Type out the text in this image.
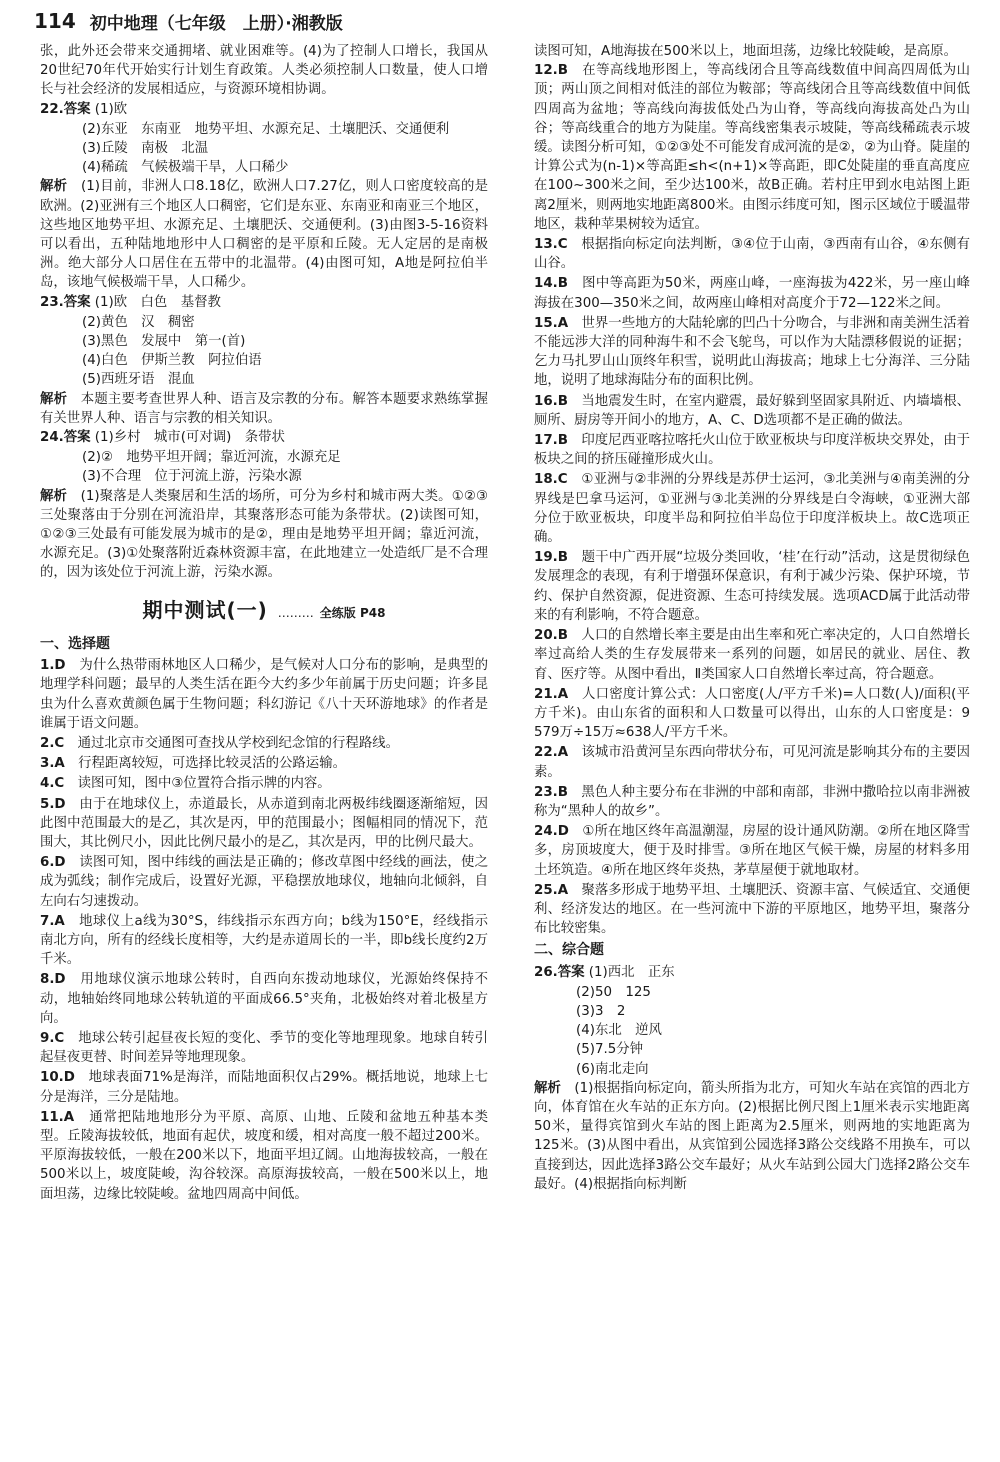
114 初中地理（七年级　上册）·湘教版

张，此外还会带来交通拥堵、就业困难等。(4)为了控制人口增长，我国从20世纪70年代开始实行计划生育政策。人类必须控制人口数量，使人口增长与社会经济的发展相适应，与资源环境相协调。

22.答案 (1)欧

(2)东亚　东南亚　地势平坦、水源充足、土壤肥沃、交通便利

(3)丘陵　南极　北温

(4)稀疏　气候极端干旱，人口稀少

解析　 (1)目前，非洲人口8.18亿，欧洲人口7.27亿，则人口密度较高的是欧洲。(2)亚洲有三个地区人口稠密，它们是东亚、东南亚和南亚三个地区，这些地区地势平坦、水源充足、土壤肥沃、交通便利。(3)由图3-5-16资料可以看出，五种陆地地形中人口稠密的是平原和丘陵。无人定居的是南极洲。绝大部分人口居住在五带中的北温带。(4)由图可知，A地是阿拉伯半岛，该地气候极端干旱，人口稀少。

23.答案 (1)欧　白色　基督教

(2)黄色　汉　稠密

(3)黑色　发展中　第一(首)

(4)白色　伊斯兰教　阿拉伯语

(5)西班牙语　混血

解析　 本题主要考查世界人种、语言及宗教的分布。解答本题要求熟练掌握有关世界人种、语言与宗教的相关知识。

24.答案 (1)乡村　城市(可对调)　条带状

(2)②　地势平坦开阔；靠近河流，水源充足

(3)不合理　位于河流上游，污染水源

解析　 (1)聚落是人类聚居和生活的场所，可分为乡村和城市两大类。①②③三处聚落由于分别在河流沿岸，其聚落形态可能为条带状。(2)读图可知，①②③三处最有可能发展为城市的是②，理由是地势平坦开阔；靠近河流，水源充足。(3)①处聚落附近森林资源丰富，在此地建立一处造纸厂是不合理的，因为该处位于河流上游，污染水源。

期中测试(一) ……… 全练版 P48
一、选择题
1.D　 为什么热带雨林地区人口稀少，是气候对人口分布的影响，是典型的地理学科问题；最早的人类生活在距今大约多少年前属于历史问题；许多昆虫为什么喜欢黄颜色属于生物问题；科幻游记《八十天环游地球》的作者是谁属于语文问题。
2.C　 通过北京市交通图可查找从学校到纪念馆的行程路线。
3.A　 行程距离较短，可选择比较灵活的公路运输。
4.C　 读图可知，图中③位置符合指示牌的内容。
5.D　 由于在地球仪上，赤道最长，从赤道到南北两极纬线圈逐渐缩短，因此图中范围最大的是乙，其次是丙，甲的范围最小；图幅相同的情况下，范围大，其比例尺小，因此比例尺最小的是乙，其次是丙，甲的比例尺最大。
6.D　 读图可知，图中纬线的画法是正确的；修改草图中经线的画法，使之成为弧线；制作完成后，设置好光源，平稳摆放地球仪，地轴向北倾斜，自左向右匀速拨动。
7.A　 地球仪上a线为30°S，纬线指示东西方向；b线为150°E，经线指示南北方向，所有的经线长度相等，大约是赤道周长的一半，即b线长度约2万千米。
8.D　 用地球仪演示地球公转时，自西向东拨动地球仪，光源始终保持不动，地轴始终同地球公转轨道的平面成66.5°夹角，北极始终对着北极星方向。
9.C　 地球公转引起昼夜长短的变化、季节的变化等地理现象。地球自转引起昼夜更替、时间差异等地理现象。
10.D　 地球表面71%是海洋，而陆地面积仅占29%。概括地说，地球上七分是海洋，三分是陆地。
11.A　 通常把陆地地形分为平原、高原、山地、丘陵和盆地五种基本类型。丘陵海拔较低，地面有起伏，坡度和缓，相对高度一般不超过200米。平原海拔较低，一般在200米以下，地面平坦辽阔。山地海拔较高，一般在500米以上，坡度陡峻，沟谷较深。高原海拔较高，一般在500米以上，地面坦荡，边缘比较陡峻。盆地四周高中间低。

读图可知，A地海拔在500米以上，地面坦荡，边缘比较陡峻，是高原。

12.B　 在等高线地形图上，等高线闭合且等高线数值中间高四周低为山顶；两山顶之间相对低洼的部位为鞍部；等高线闭合且等高线数值中间低四周高为盆地；等高线向海拔低处凸为山脊，等高线向海拔高处凸为山谷；等高线重合的地方为陡崖。等高线密集表示坡陡，等高线稀疏表示坡缓。读图分析可知，①②③处不可能发育成河流的是②，②为山脊。陡崖的计算公式为(n-1)×等高距≤h<(n+1)×等高距，即C处陡崖的垂直高度应在100~300米之间，至少达100米，故B正确。若村庄甲到水电站图上距离2厘米，则两地实地距离800米。由图示纬度可知，图示区域位于暖温带地区，栽种苹果树较为适宜。
13.C　 根据指向标定向法判断，③④位于山南，③西南有山谷，④东侧有山谷。
14.B　 图中等高距为50米，两座山峰，一座海拔为422米，另一座山峰海拔在300—350米之间，故两座山峰相对高度介于72—122米之间。
15.A　 世界一些地方的大陆轮廓的凹凸十分吻合，与非洲和南美洲生活着不能远涉大洋的同种海牛和不会飞鸵鸟，可以作为大陆漂移假说的证据；乞力马扎罗山山顶终年积雪，说明此山海拔高；地球上七分海洋、三分陆地，说明了地球海陆分布的面积比例。
16.B　 当地震发生时，在室内避震，最好躲到坚固家具附近、内墙墙根、厕所、厨房等开间小的地方，A、C、D选项都不是正确的做法。
17.B　 印度尼西亚喀拉喀托火山位于欧亚板块与印度洋板块交界处，由于板块之间的挤压碰撞形成火山。
18.C　 ①亚洲与②非洲的分界线是苏伊士运河，③北美洲与④南美洲的分界线是巴拿马运河，①亚洲与③北美洲的分界线是白令海峡，①亚洲大部分位于欧亚板块，印度半岛和阿拉伯半岛位于印度洋板块上。故C选项正确。
19.B　 题干中广西开展“垃圾分类回收，‘桂’在行动”活动，这是贯彻绿色发展理念的表现，有利于增强环保意识，有利于减少污染、保护环境，节约、保护自然资源，促进资源、生态可持续发展。选项ACD属于此活动带来的有利影响，不符合题意。
20.B　 人口的自然增长率主要是由出生率和死亡率决定的，人口自然增长率过高给人类的生存发展带来一系列的问题，如居民的就业、居住、教育、医疗等。从图中看出，Ⅱ类国家人口自然增长率过高，符合题意。
21.A　 人口密度计算公式：人口密度(人/平方千米)=人口数(人)/面积(平方千米)。由山东省的面积和人口数量可以得出，山东的人口密度是：9 579万÷15万≈638人/平方千米。
22.A　 该城市沿黄河呈东西向带状分布，可见河流是影响其分布的主要因素。
23.B　 黑色人种主要分布在非洲的中部和南部，非洲中撒哈拉以南非洲被称为“黑种人的故乡”。
24.D　 ①所在地区终年高温潮湿，房屋的设计通风防潮。②所在地区降雪多，房顶坡度大，便于及时排雪。③所在地区气候干燥，房屋的材料多用土坯筑造。④所在地区终年炎热，茅草屋便于就地取材。
25.A　 聚落多形成于地势平坦、土壤肥沃、资源丰富、气候适宜、交通便利、经济发达的地区。在一些河流中下游的平原地区，地势平坦，聚落分布比较密集。
二、综合题
26.答案 (1)西北　正东

(2)50　125

(3)3　2

(4)东北　逆风

(5)7.5分钟

(6)南北走向

解析　 (1)根据指向标定向，箭头所指为北方，可知火车站在宾馆的西北方向，体育馆在火车站的正东方向。(2)根据比例尺图上1厘米表示实地距离50米，量得宾馆到火车站的图上距离为2.5厘米，则两地的实地距离为125米。(3)从图中看出，从宾馆到公园选择3路公交线路不用换车，可以直接到达，因此选择3路公交车最好；从火车站到公园大门选择2路公交车最好。(4)根据指向标判断
